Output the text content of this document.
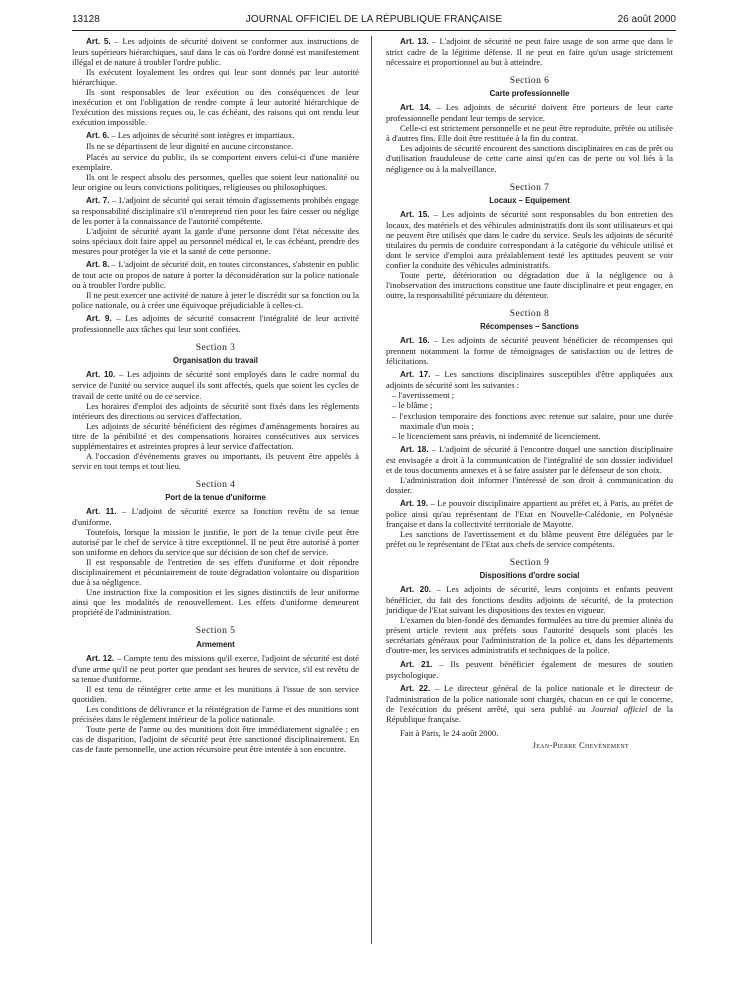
13128	JOURNAL OFFICIEL DE LA RÉPUBLIQUE FRANÇAISE	26 août 2000

Art. 5. – Les adjoints de sécurité doivent se conformer aux instructions de leurs supérieurs hiérarchiques, sauf dans le cas où l'ordre donné est manifestement illégal et de nature à troubler l'ordre public.

Ils exécutent loyalement les ordres qui leur sont donnés par leur autorité hiérarchique.

Ils sont responsables de leur exécution ou des conséquences de leur inexécution et ont l'obligation de rendre compte à leur autorité hiérarchique de l'exécution des missions reçues ou, le cas échéant, des raisons qui ont rendu leur exécution impossible.

Art. 6. – Les adjoints de sécurité sont intègres et impartiaux.

Ils ne se départissent de leur dignité en aucune circonstance.

Placés au service du public, ils se comportent envers celui-ci d'une manière exemplaire.

Ils ont le respect absolu des personnes, quelles que soient leur nationalité ou leur origine ou leurs convictions politiques, religieuses ou philosophiques.

Art. 7. – L'adjoint de sécurité qui serait témoin d'agissements prohibés engage sa responsabilité disciplinaire s'il n'entreprend rien pour les faire cesser ou néglige de les porter à la connaissance de l'autorité compétente.

L'adjoint de sécurité ayant la garde d'une personne dont l'état nécessite des soins spéciaux doit faire appel au personnel médical et, le cas échéant, prendre des mesures pour protéger la vie et la santé de cette personne.

Art. 8. – L'adjoint de sécurité doit, en toutes circonstances, s'abstenir en public de tout acte ou propos de nature à porter la déconsidération sur la police nationale ou à troubler l'ordre public.

Il ne peut exercer une activité de nature à jeter le discrédit sur sa fonction ou la police nationale, ou à créer une équivoque préjudiciable à celles-ci.

Art. 9. – Les adjoints de sécurité consacrent l'intégralité de leur activité professionnelle aux tâches qui leur sont confiées.

Section 3
Organisation du travail

Art. 10. – Les adjoints de sécurité sont employés dans le cadre normal du service de l'unité ou service auquel ils sont affectés, quels que soient les cycles de travail de cette unité ou de ce service.

Les horaires d'emploi des adjoints de sécurité sont fixés dans les règlements intérieurs des directions ou services d'affectation.

Les adjoints de sécurité bénéficient des régimes d'aménagements horaires au titre de la pénibilité et des compensations horaires consécutives aux services supplémentaires et astreintes propres à leur service d'affectation.

A l'occasion d'événements graves ou importants, ils peuvent être appelés à servir en tout temps et tout lieu.

Section 4
Port de la tenue d'uniforme

Art. 11. – L'adjoint de sécurité exerce sa fonction revêtu de sa tenue d'uniforme.

Toutefois, lorsque la mission le justifie, le port de la tenue civile peut être autorisé par le chef de service à titre exceptionnel. Il ne peut être autorisé à porter son uniforme en dehors du service que sur décision de son chef de service.

Il est responsable de l'entretien de ses effets d'uniforme et doit répondre disciplinairement et pécuniairement de toute dégradation volontaire ou disparition due à sa négligence.

Une instruction fixe la composition et les signes distinctifs de leur uniforme ainsi que les modalités de renouvellement. Les effets d'uniforme demeurent propriété de l'administration.

Section 5
Armement

Art. 12. – Compte tenu des missions qu'il exerce, l'adjoint de sécurité est doté d'une arme qu'il ne peut porter que pendant ses heures de service, s'il est revêtu de sa tenue d'uniforme.

Il est tenu de réintégrer cette arme et les munitions à l'issue de son service quotidien.

Les conditions de délivrance et la réintégration de l'arme et des munitions sont précisées dans le règlement intérieur de la police nationale.

Toute perte de l'arme ou des munitions doit être immédiatement signalée ; en cas de disparition, l'adjoint de sécurité peut être sanctionné disciplinairement. En cas de faute personnelle, une action récursoire peut être intentée à son encontre.

Art. 13. – L'adjoint de sécurité ne peut faire usage de son arme que dans le strict cadre de la légitime défense. Il ne peut en faire qu'un usage strictement nécessaire et proportionnel au but à atteindre.

Section 6
Carte professionnelle

Art. 14. – Les adjoints de sécurité doivent être porteurs de leur carte professionnelle pendant leur temps de service.

Celle-ci est strictement personnelle et ne peut être reproduite, prêtée ou utilisée à d'autres fins. Elle doit être restituée à la fin du contrat.

Les adjoints de sécurité encourent des sanctions disciplinaires en cas de prêt ou d'utilisation frauduleuse de cette carte ainsi qu'en cas de perte ou vol liés à la négligence ou à la malveillance.

Section 7
Locaux – Equipement

Art. 15. – Les adjoints de sécurité sont responsables du bon entretien des locaux, des matériels et des véhicules administratifs dont ils sont utilisateurs et qui ne peuvent être utilisés que dans le cadre du service. Seuls les adjoints de sécurité titulaires du permis de conduire correspondant à la catégorie du véhicule utilisé et dont le service d'emploi aura préalablement testé les aptitudes peuvent se voir confier la conduite des véhicules administratifs.

Toute perte, détérioration ou dégradation due à la négligence ou à l'inobservation des instructions constitue une faute disciplinaire et peut engager, en outre, la responsabilité pécuniaire du détenteur.

Section 8
Récompenses – Sanctions

Art. 16. – Les adjoints de sécurité peuvent bénéficier de récompenses qui prennent notamment la forme de témoignages de satisfaction ou de lettres de félicitations.

Art. 17. – Les sanctions disciplinaires susceptibles d'être appliquées aux adjoints de sécurité sont les suivantes :

– l'avertissement ;
– le blâme ;
– l'exclusion temporaire des fonctions avec retenue sur salaire, pour une durée maximale d'un mois ;
– le licenciement sans préavis, ni indemnité de licenciement.

Art. 18. – L'adjoint de sécurité à l'encontre duquel une sanction disciplinaire est envisagée a droit à la communication de l'intégralité de son dossier individuel et de tous documents annexes et à se faire assister par le défenseur de son choix.

L'administration doit informer l'intéressé de son droit à communication du dossier.

Art. 19. – Le pouvoir disciplinaire appartient au préfet et, à Paris, au préfet de police ainsi qu'au représentant de l'Etat en Nouvelle-Calédonie, en Polynésie française et dans la collectivité territoriale de Mayotte.

Les sanctions de l'avertissement et du blâme peuvent être déléguées par le préfet ou le représentant de l'Etat aux chefs de service compétents.

Section 9
Dispositions d'ordre social

Art. 20. – Les adjoints de sécurité, leurs conjoints et enfants peuvent bénéficier, du fait des fonctions desdits adjoints de sécurité, de la protection juridique de l'Etat suivant les dispositions des textes en vigueur.

L'examen du bien-fondé des demandes formulées au titre du premier alinéa du présent article revient aux préfets sous l'autorité desquels sont placés les secrétariats généraux pour l'administration de la police et, dans les départements d'outre-mer, les services administratifs et techniques de la police.

Art. 21. – Ils peuvent bénéficier également de mesures de soutien psychologique.

Art. 22. – Le directeur général de la police nationale et le directeur de l'administration de la police nationale sont chargés, chacun en ce qui le concerne, de l'exécution du présent arrêté, qui sera publié au Journal officiel de la République française.

Fait à Paris, le 24 août 2000.

Jean-Pierre Chevènement
